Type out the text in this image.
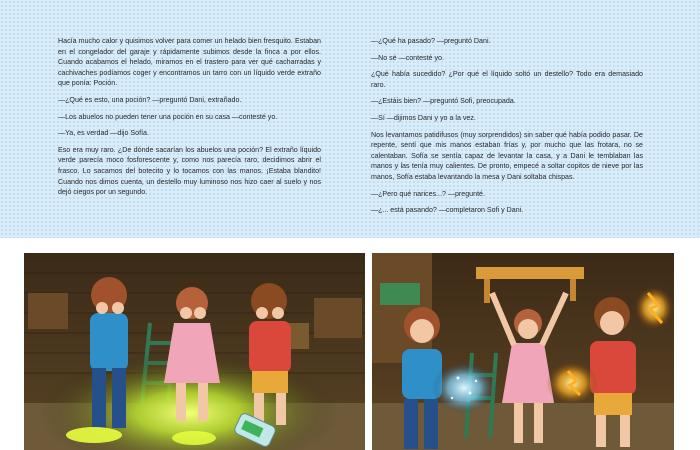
Hacía mucho calor y quisimos volver para comer un helado bien fresquito. Estaban en el congelador del garaje y rápidamente subimos desde la finca a por ellos. Cuando acabamos el helado, miramos en el trastero para ver qué cacharradas y cachivaches podíamos coger y encontramos un tarro con un líquido verde extraño que ponía: Poción.

—¿Qué es esto, una poción? —preguntó Dani, extrañado.

—Los abuelos no pueden tener una poción en su casa —contesté yo.

—Ya, es verdad —dijo Sofía.

Eso era muy raro. ¿De dónde sacarían los abuelos una poción? El extraño líquido verde parecía moco fosforescente y, como nos parecía raro, decidimos abrir el frasco. Lo sacamos del botecito y lo tocamos con las manos. ¡Estaba blandito! Cuando nos dimos cuenta, un destello muy luminoso nos hizo caer al suelo y nos dejó ciegos por un segundo.

—¿Qué ha pasado? —preguntó Dani.

—No sé —contesté yo.

¿Qué había sucedido? ¿Por qué el líquido soltó un destello? Todo era demasiado raro.

—¿Estáis bien? —preguntó Sofi, preocupada.

—Sí —dijimos Dani y yo a la vez.

Nos levantamos patidifusos (muy sorprendidos) sin saber qué había podido pasar. De repente, sentí que mis manos estaban frías y, por mucho que las frotara, no se calentaban. Sofía se sentía capaz de levantar la casa, y a Dani le temblaban las manos y las tenía muy calientes. De pronto, empecé a soltar copitos de nieve por las manos, Sofía estaba levantando la mesa y Dani soltaba chispas.

—¿Pero qué narices...? —pregunté.

—¿... está pasando? —completaron Sofi y Dani.
